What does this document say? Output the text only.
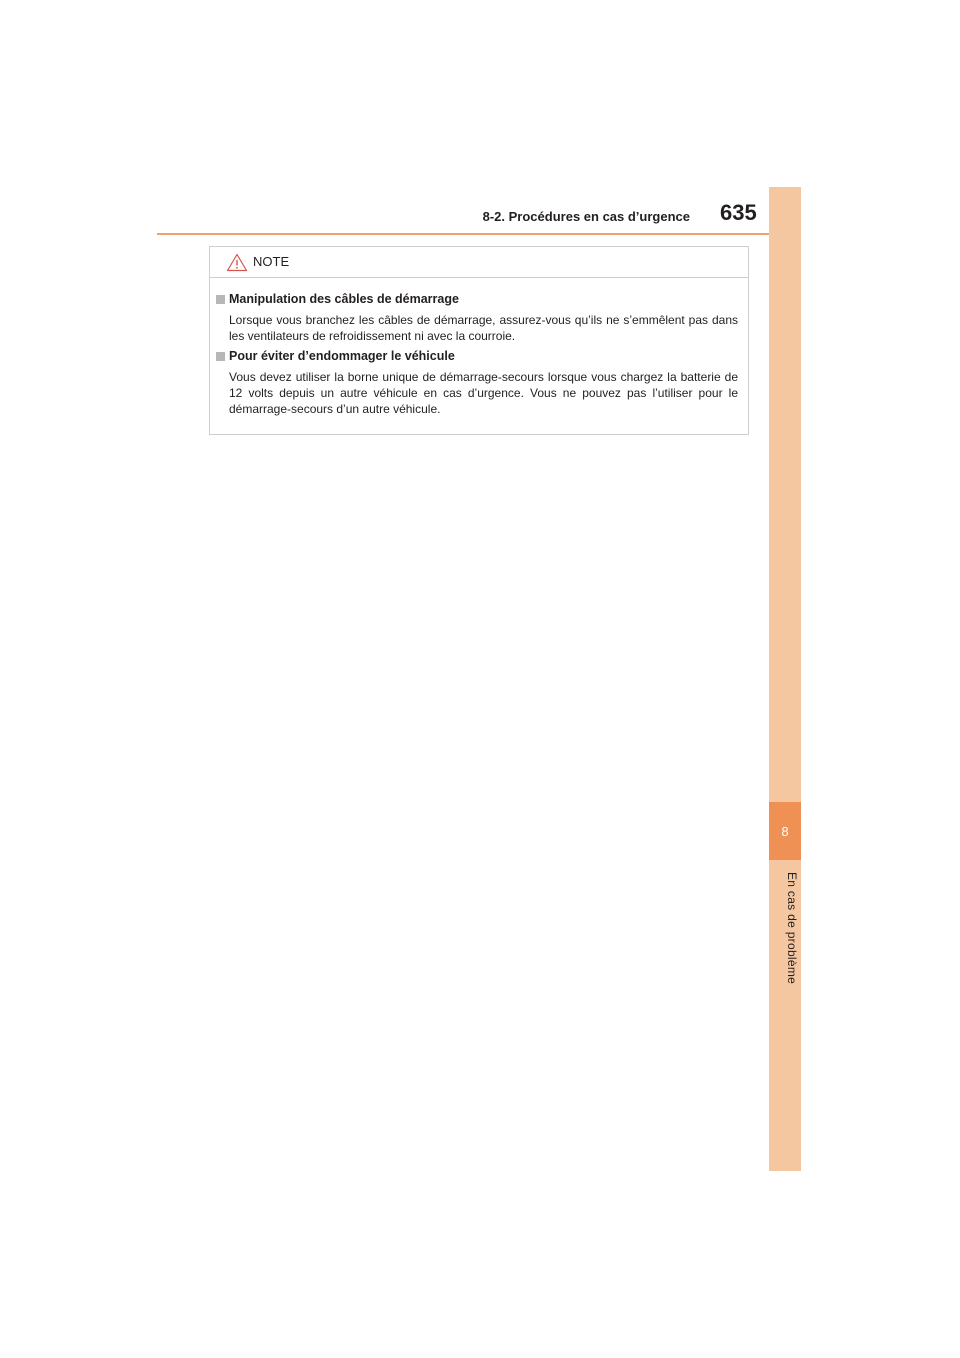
8-2. Procédures en cas d’urgence 635
8
En cas de problème
NOTE
Manipulation des câbles de démarrage
Lorsque vous branchez les câbles de démarrage, assurez-vous qu’ils ne s’emmêlent pas dans les ventilateurs de refroidissement ni avec la courroie.
Pour éviter d’endommager le véhicule
Vous devez utiliser la borne unique de démarrage-secours lorsque vous chargez la batterie de 12 volts depuis un autre véhicule en cas d’urgence. Vous ne pouvez pas l’utiliser pour le démarrage-secours d’un autre véhicule.
